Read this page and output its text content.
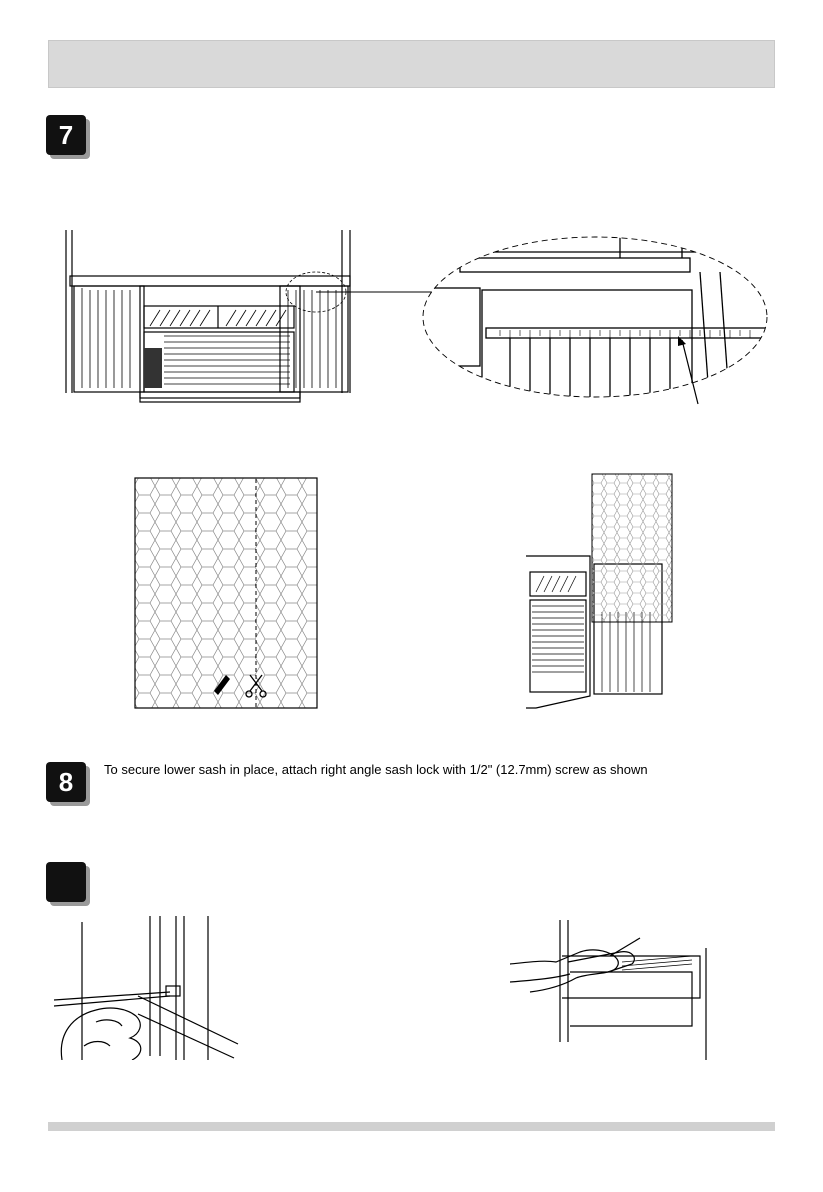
7
8 To secure lower sash in place, attach right angle sash lock with 1/2" (12.7mm) screw as shown
